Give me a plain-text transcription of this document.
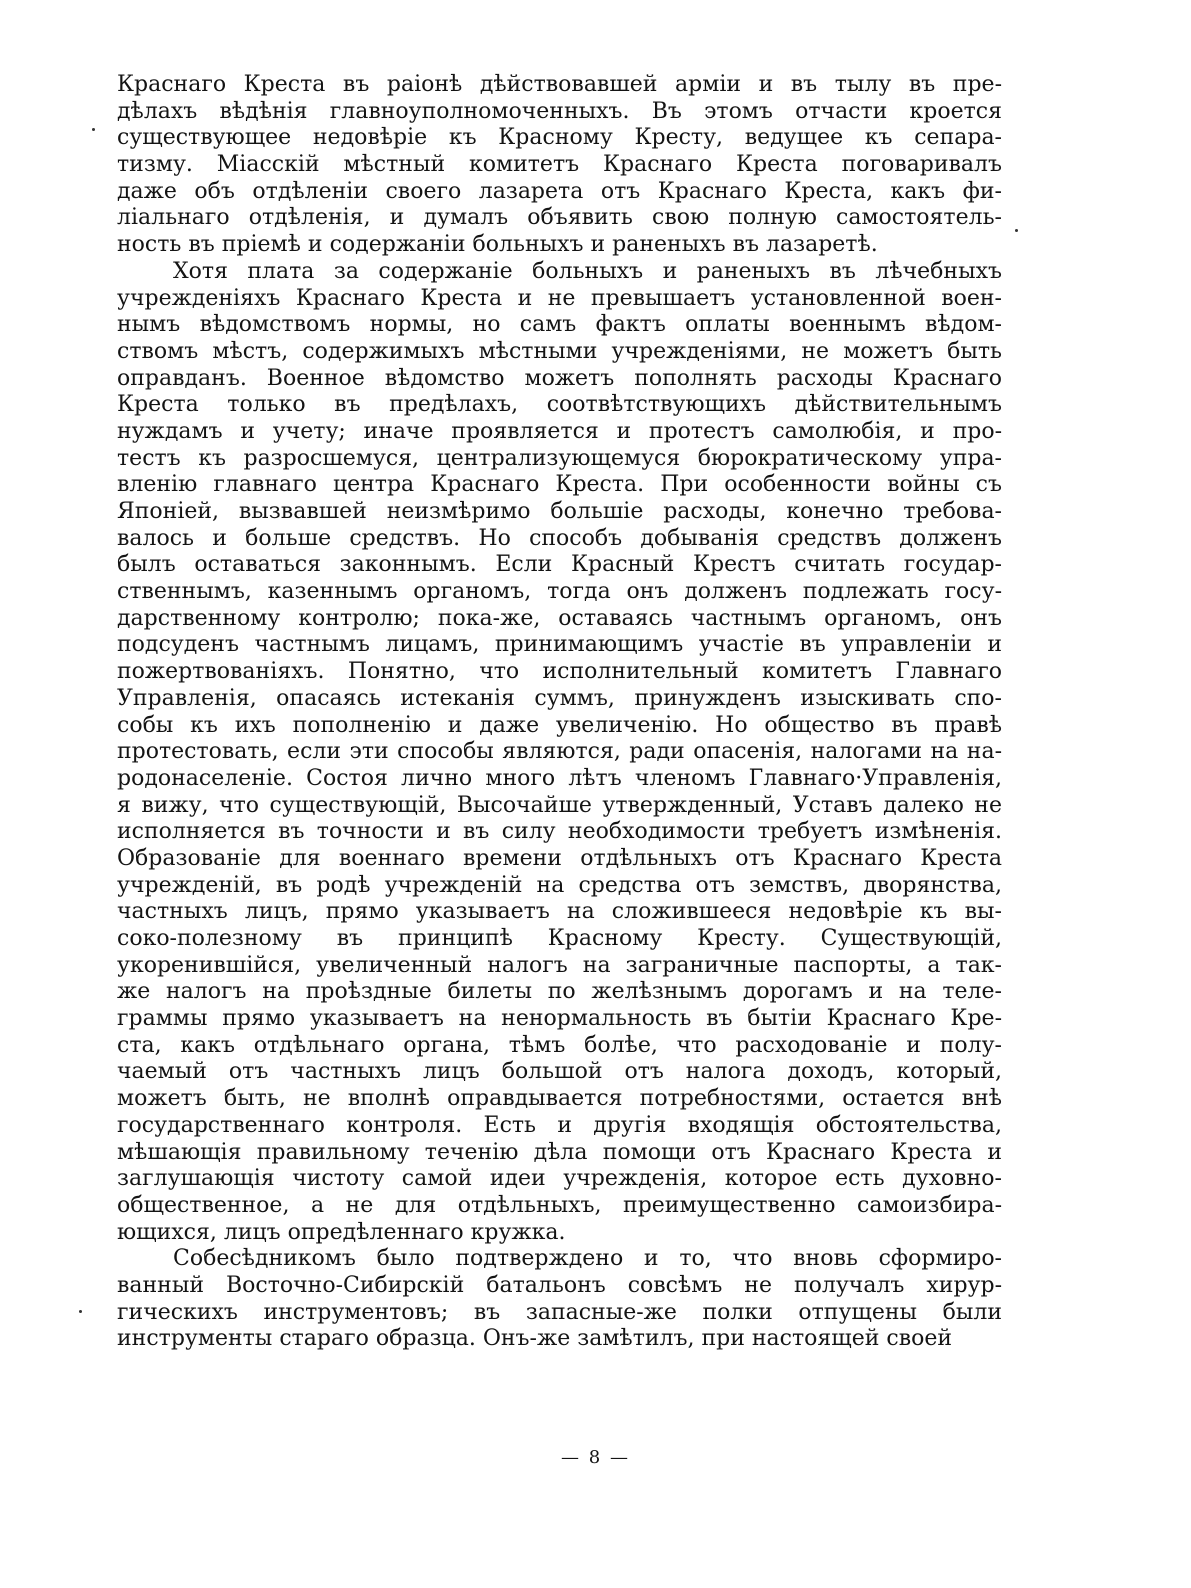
Краснаго Креста въ раіонѣ дѣйствовавшей арміи и въ тылу въ пре-
дѣлахъ вѣдѣнія главноуполномоченныхъ. Въ этомъ отчасти кроется
существующее недовѣріе къ Красному Кресту, ведущее къ сепара-
тизму. Міасскій мѣстный комитетъ Краснаго Креста поговаривалъ
даже объ отдѣленіи своего лазарета отъ Краснаго Креста, какъ фи-
ліальнаго отдѣленія, и думалъ объявить свою полную самостоятель-
ность въ пріемѣ и содержаніи больныхъ и раненыхъ въ лазаретѣ.
Хотя плата за содержаніе больныхъ и раненыхъ въ лѣчебныхъ
учрежденіяхъ Краснаго Креста и не превышаетъ установленной воен-
нымъ вѣдомствомъ нормы, но самъ фактъ оплаты военнымъ вѣдом-
ствомъ мѣстъ, содержимыхъ мѣстными учрежденіями, не можетъ быть
оправданъ. Военное вѣдомство можетъ пополнять расходы Краснаго
Креста только въ предѣлахъ, соотвѣтствующихъ дѣйствительнымъ
нуждамъ и учету; иначе проявляется и протестъ самолюбія, и про-
тестъ къ разросшемуся, централизующемуся бюрократическому упра-
вленію главнаго центра Краснаго Креста. При особенности войны съ
Японіей, вызвавшей неизмѣримо большіе расходы, конечно требова-
валось и больше средствъ. Но способъ добыванія средствъ долженъ
былъ оставаться законнымъ. Если Красный Крестъ считать государ-
ственнымъ, казеннымъ органомъ, тогда онъ долженъ подлежать госу-
дарственному контролю; пока-же, оставаясь частнымъ органомъ, онъ
подсуденъ частнымъ лицамъ, принимающимъ участіе въ управленіи и
пожертвованіяхъ. Понятно, что исполнительный комитетъ Главнаго
Управленія, опасаясь истеканія суммъ, принужденъ изыскивать спо-
собы къ ихъ пополненію и даже увеличенію. Но общество въ правѣ
протестовать, если эти способы являются, ради опасенія, налогами на на-
родонаселеніе. Состоя лично много лѣтъ членомъ Главнаго·Управленія,
я вижу, что существующій, Высочайше утвержденный, Уставъ далеко не
исполняется въ точности и въ силу необходимости требуетъ измѣненія.
Образованіе для военнаго времени отдѣльныхъ отъ Краснаго Креста
учрежденій, въ родѣ учрежденій на средства отъ земствъ, дворянства,
частныхъ лицъ, прямо указываетъ на сложившееся недовѣріе къ вы-
соко-полезному въ принципѣ Красному Кресту. Существующій,
укоренившійся, увеличенный налогъ на заграничные паспорты, а так-
же налогъ на проѣздные билеты по желѣзнымъ дорогамъ и на теле-
граммы прямо указываетъ на ненормальность въ бытіи Краснаго Кре-
ста, какъ отдѣльнаго органа, тѣмъ болѣе, что расходованіе и полу-
чаемый отъ частныхъ лицъ большой отъ налога доходъ, который,
можетъ быть, не вполнѣ оправдывается потребностями, остается внѣ
государственнаго контроля. Есть и другія входящія обстоятельства,
мѣшающія правильному теченію дѣла помощи отъ Краснаго Креста и
заглушающія чистоту самой идеи учрежденія, которое есть духовно-
общественное, а не для отдѣльныхъ, преимущественно самоизбира-
ющихся, лицъ опредѣленнаго кружка.
Собесѣдникомъ было подтверждено и то, что вновь сформиро-
ванный Восточно-Сибирскій батальонъ совсѣмъ не получалъ хирур-
гическихъ инструментовъ; въ запасные-же полки отпущены были
инструменты стараго образца. Онъ-же замѣтилъ, при настоящей своей
— 8 —
